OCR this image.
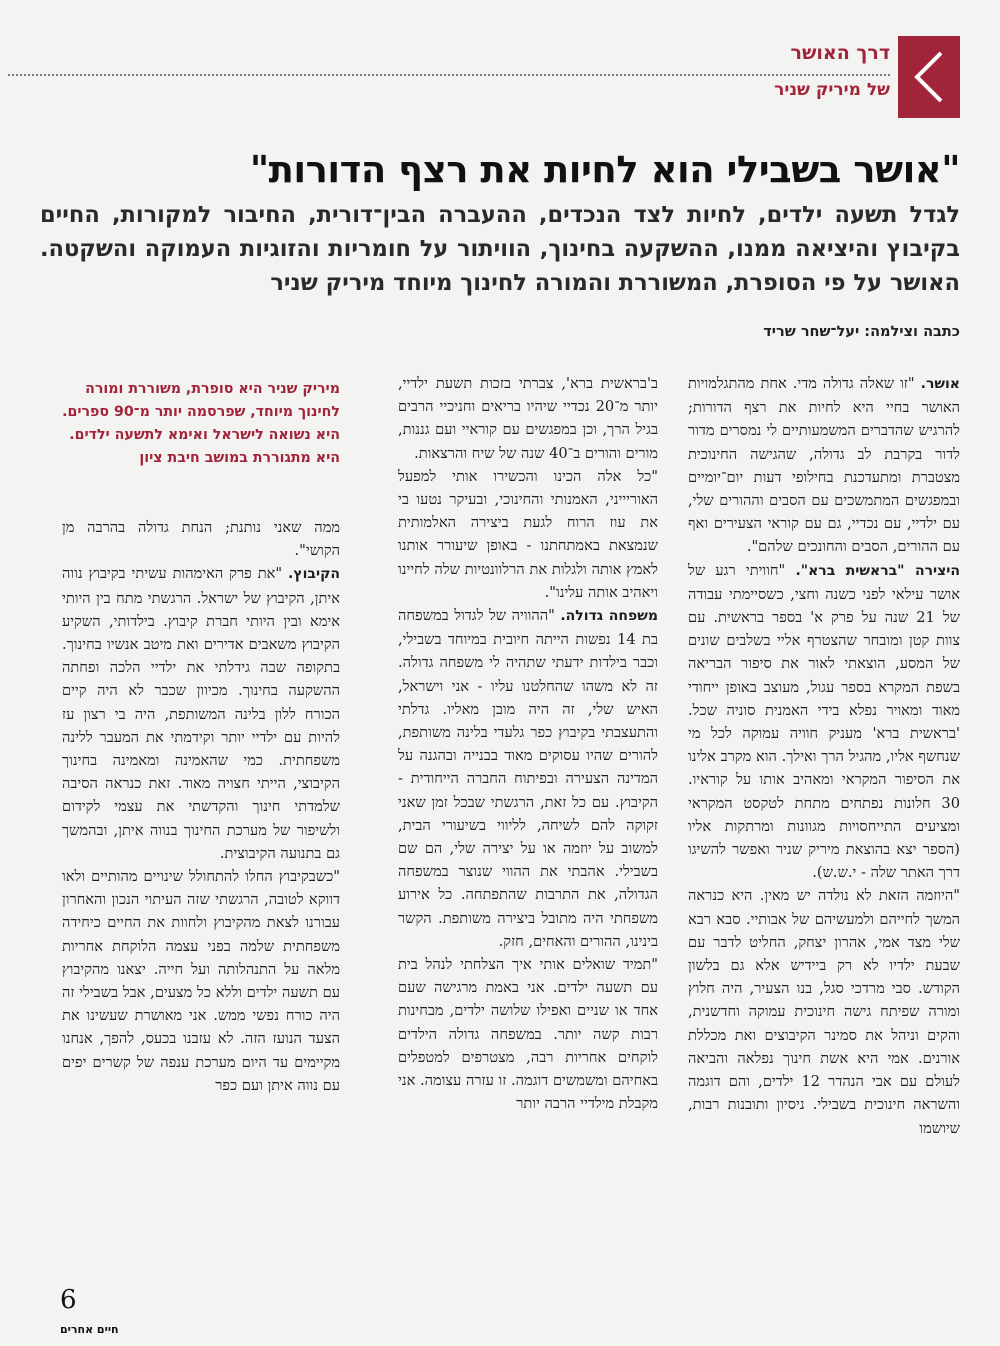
דרך האושר
של מיריק שניר
"אושר בשבילי הוא לחיות את רצף הדורות"
לגדל תשעה ילדים, לחיות לצד הנכדים, ההעברה הבין־דורית, החיבור למקורות, החיים בקיבוץ והיציאה ממנו, ההשקעה בחינוך, הוויתור על חומריות והזוגיות העמוקה והשקטה. האושר על פי הסופרת, המשוררת והמורה לחינוך מיוחד מיריק שניר
כתבה וצילמה: יעל־שחר שריד

אושר. "זו שאלה גדולה מדי. אחת מהתגלמויות האושר בחיי היא לחיות את רצף הדורות; להרגיש שהדברים המשמעותיים לי נמסרים מדור לדור בקרבת לב גדולה, שהגישה החינוכית מצטברת ומתעדכנת בחילופי דעות יום־יומיים ובמפגשים המתמשכים עם הסבים וההורים שלי, עם ילדיי, עם נכדיי, גם עם קוראי הצעירים ואף עם ההורים, הסבים והחונכים שלהם".

היצירה "בראשית ברא". "חוויתי רגע של אושר עילאי לפני כשנה וחצי, כשסיימתי עבודה של 21 שנה על פרק א' בספר בראשית. עם צוות קטן ומובחר שהצטרף אליי בשלבים שונים של המסע, הוצאתי לאור את סיפור הבריאה בשפת המקרא בספר עגול, מעוצב באופן ייחודי מאוד ומאויר נפלא בידי האמנית סוניה שכל. 'בראשית ברא' מעניק חוויה עמוקה לכל מי שנחשף אליו, מהגיל הרך ואילך. הוא מקרב אלינו את הסיפור המקראי ומאהיב אותו על קוראיו. 30 חלונות נפתחים מתחת לטקסט המקראי ומציעים התייחסויות מגוונות ומרתקות אליו (הספר יצא בהוצאת מיריק שניר ואפשר להשיגו דרך האתר שלה - י.ש.ש).

"היוזמה הזאת לא נולדה יש מאין. היא כנראה המשך לחייהם ולמעשיהם של אבותיי. סבא רבא שלי מצד אמי, אהרון יצחק, החליט לדבר עם שבעת ילדיו לא רק ביידיש אלא גם בלשון הקודש. סבי מרדכי סגל, בנו הצעיר, היה חלוץ ומורה שפיתח גישה חינוכית עמוקה וחדשנית, והקים וניהל את סמינר הקיבוצים ואת מכללת אורנים. אמי היא אשת חינוך נפלאה והביאה לעולם עם אבי הנהדר 12 ילדים, והם דוגמה והשראה חינוכית בשבילי. ניסיון ותובנות רבות, שיושמו

ב'בראשית ברא', צברתי בזכות תשעת ילדיי, יותר מ־20 נכדיי שיהיו בריאים וחניכיי הרבים בגיל הרך, וכן במפגשים עם קוראיי ועם גננות, מורים והורים ב־40 שנה של שיח והרצאות.

"כל אלה הכינו והכשירו אותי למפעל האוריייני, האמנותי והחינוכי, ובעיקר נטעו בי את עוז הרוח לגעת ביצירה האלמותית שנמצאת באמתחתנו - באופן שיעורר אותנו לאמץ אותה ולגלות את הרלוונטיות שלה לחיינו ויאהיב אותה עלינו".

משפחה גדולה. "ההוויה של לגדול במשפחה בת 14 נפשות הייתה חיובית במיוחד בשבילי, וכבר בילדות ידעתי שתהיה לי משפחה גדולה. זה לא משהו שהחלטנו עליו - אני וישראל, האיש שלי, זה היה מובן מאליו. גדלתי והתעצבתי בקיבוץ כפר גלעדי בלינה משותפת, להורים שהיו עסוקים מאוד בבנייה ובהגנה על המדינה הצעירה ובפיתוח החברה הייחודית - הקיבוץ. עם כל זאת, הרגשתי שבכל זמן שאני זקוקה להם לשיחה, לליווי בשיעורי הבית, למשוב על יוזמה או על יצירה שלי, הם שם בשבילי. אהבתי את ההווי שנוצר במשפחה הגדולה, את התרבות שהתפתחה. כל אירוע משפחתי היה מתובל ביצירה משותפת. הקשר בינינו, ההורים והאחים, חזק.

"תמיד שואלים אותי איך הצלחתי לנהל בית עם תשעה ילדים. אני באמת מרגישה שעם אחד או שניים ואפילו שלושה ילדים, מבחינות רבות קשה יותר. במשפחה גדולה הילדים לוקחים אחריות רבה, מצטרפים למטפלים באחיהם ומשמשים דוגמה. זו עזרה עצומה. אני מקבלת מילדיי הרבה יותר

מיריק שניר היא סופרת, משוררת ומורה לחינוך מיוחד, שפרסמה יותר מ־90 ספרים. היא נשואה לישראל ואימא לתשעה ילדים. היא מתגוררת במושב חיבת ציון

ממה שאני נותנת; הנחת גדולה בהרבה מן הקושי".

הקיבוץ. "את פרק האימהות עשיתי בקיבוץ נווה איתן, הקיבוץ של ישראל. הרגשתי מתח בין היותי אימא ובין היותי חברת קיבוץ. בילדותי, השקיע הקיבוץ משאבים אדירים ואת מיטב אנשיו בחינוך. בתקופה שבה גידלתי את ילדיי הלכה ופחתה ההשקעה בחינוך. מכיוון שכבר לא היה קיים הכורח ללון בלינה המשותפת, היה בי רצון עז להיות עם ילדיי יותר וקידמתי את המעבר ללינה משפחתית. כמי שהאמינה ומאמינה בחינוך הקיבוצי, הייתי חצויה מאוד. זאת כנראה הסיבה שלמדתי חינוך והקדשתי את עצמי לקידום ולשיפור של מערכת החינוך בנווה איתן, ובהמשך גם בתנועה הקיבוצית.

"כשבקיבוץ החלו להתחולל שינויים מהותיים ולאו דווקא לטובה, הרגשתי שזה העיתוי הנכון והאחרון עבורנו לצאת מהקיבוץ ולחוות את החיים כיחידה משפחתית שלמה בפני עצמה הלוקחת אחריות מלאה על התנהלותה ועל חייה. יצאנו מהקיבוץ עם תשעה ילדים וללא כל מצעים, אבל בשבילי זה היה כורח נפשי ממש. אני מאושרת שעשינו את הצעד הנועז הזה. לא עזבנו בכעס, להפך, אנחנו מקיימים עד היום מערכת ענפה של קשרים יפים עם נווה איתן ועם כפר

6
חיים אחרים
